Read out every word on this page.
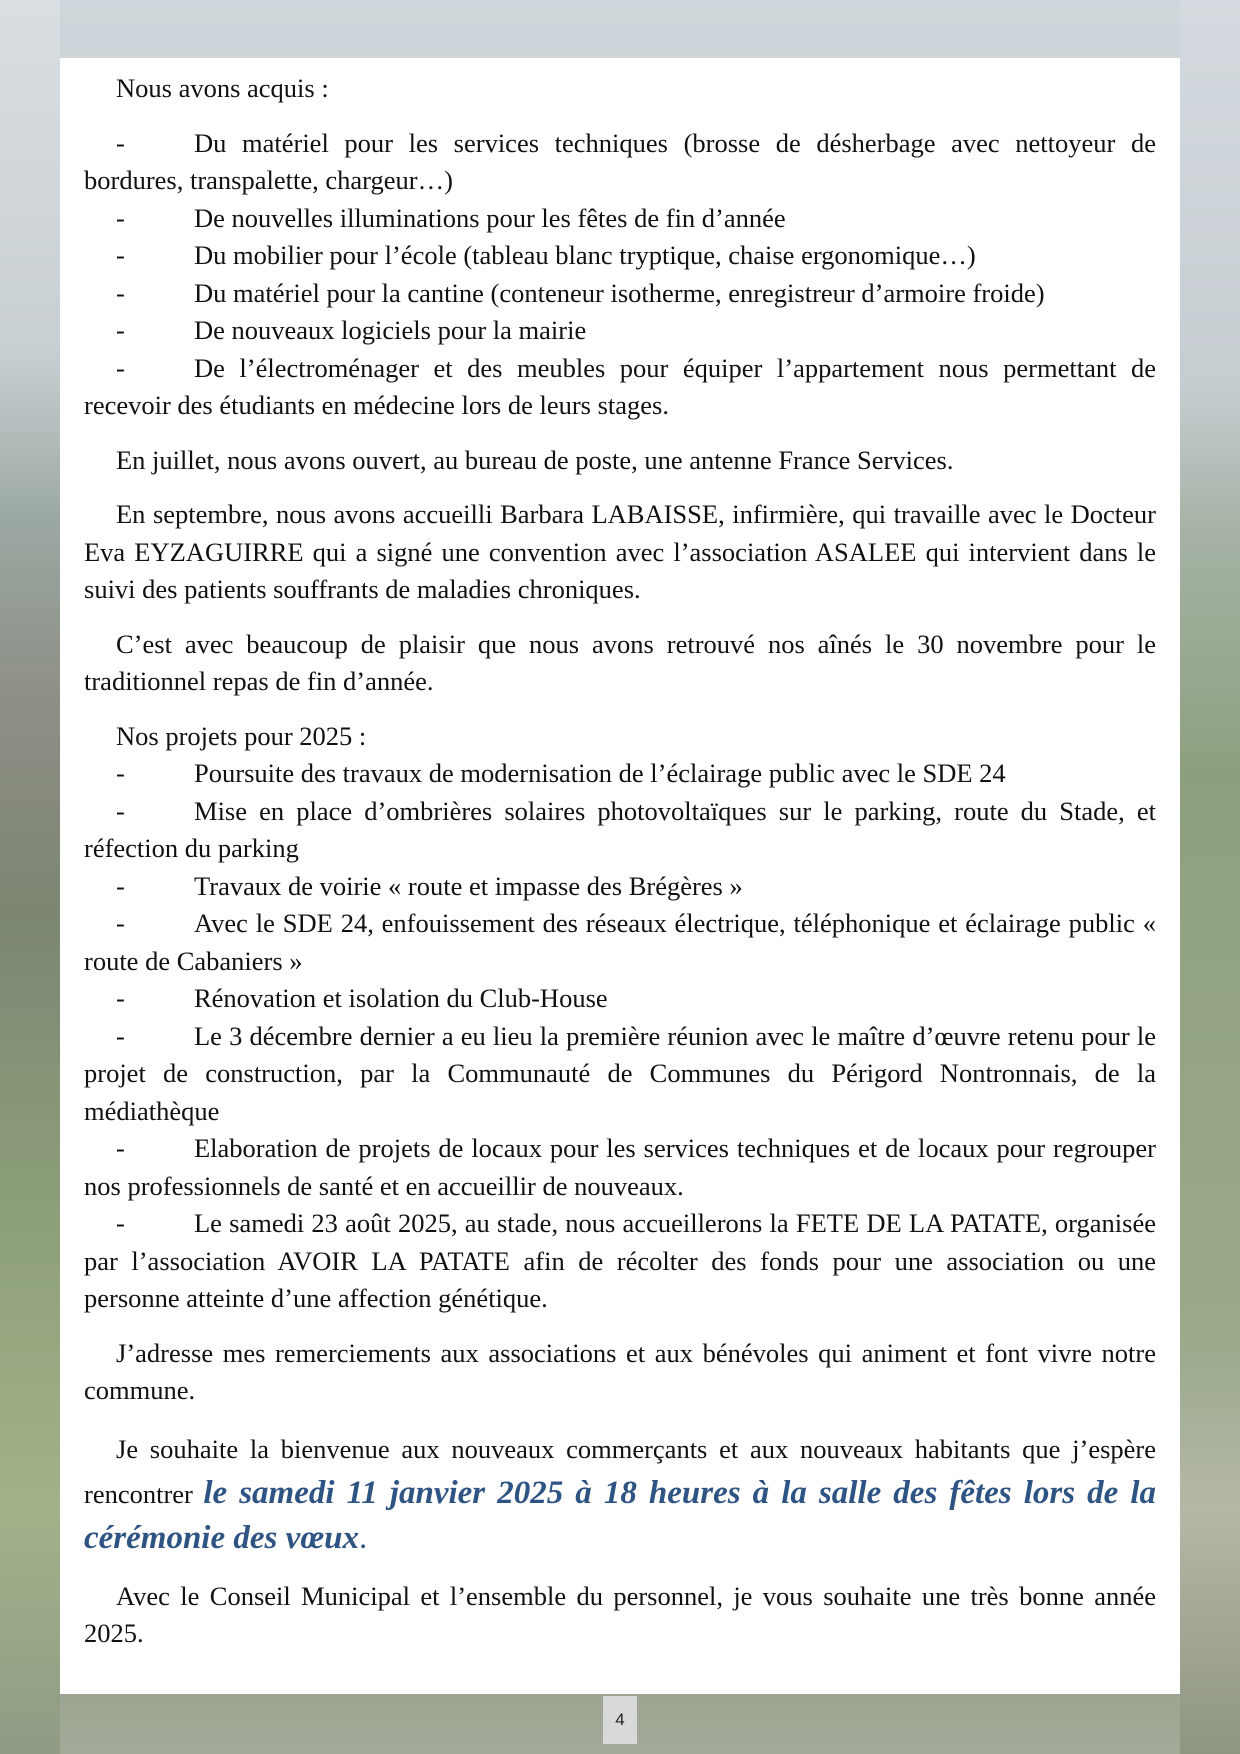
Nous avons acquis :

-	Du matériel pour les services techniques (brosse de désherbage avec nettoyeur de bordures, transpalette, chargeur…)

-	De nouvelles illuminations pour les fêtes de fin d’année

-	Du mobilier pour l’école (tableau blanc tryptique, chaise ergonomique…)

-	Du matériel pour la cantine (conteneur isotherme, enregistreur d’armoire froide)

-	De nouveaux logiciels pour la mairie

-	De l’électroménager et des meubles pour équiper l’appartement nous permettant de recevoir des étudiants en médecine lors de leurs stages.

En juillet, nous avons ouvert, au bureau de poste, une antenne France Services.

En septembre, nous avons accueilli Barbara LABAISSE, infirmière, qui travaille avec le Docteur Eva EYZAGUIRRE qui a signé une convention avec l’association ASALEE qui intervient dans le suivi des patients souffrants de maladies chroniques.

C’est avec beaucoup de plaisir que nous avons retrouvé nos aînés le 30 novembre pour le traditionnel repas de fin d’année.

Nos projets pour 2025 :

-	Poursuite des travaux de modernisation de l’éclairage public avec le SDE 24

-	Mise en place d’ombrières solaires photovoltaïques sur le parking, route du Stade, et réfection du parking

-	Travaux de voirie « route et impasse des Brégères »

-	Avec le SDE 24, enfouissement des réseaux électrique, téléphonique et éclairage public « route de Cabaniers »

-	Rénovation et isolation du Club-House

-	Le 3 décembre dernier a eu lieu la première réunion avec le maître d’œuvre retenu pour le projet de construction, par la Communauté de Communes du Périgord Nontronnais, de la médiathèque

-	Elaboration de projets de locaux pour les services techniques et de locaux pour regrouper nos professionnels de santé et en accueillir de nouveaux.

-	Le samedi 23 août 2025, au stade, nous accueillerons la FETE DE LA PATATE, organisée par l’association AVOIR LA PATATE afin de récolter des fonds pour une association ou une personne atteinte d’une affection génétique.

J’adresse mes remerciements aux associations et aux bénévoles qui animent et font vivre notre commune.

Je souhaite la bienvenue aux nouveaux commerçants et aux nouveaux habitants que j’espère rencontrer le samedi 11 janvier 2025 à 18 heures à la salle des fêtes lors de la cérémonie des vœux.

Avec le Conseil Municipal et l’ensemble du personnel, je vous souhaite une très bonne année 2025.

4
